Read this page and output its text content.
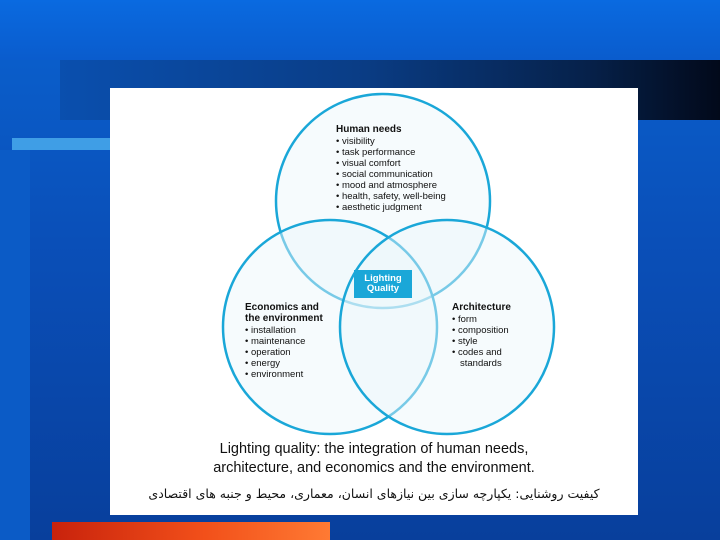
Human needs
• visibility
• task performance
• visual comfort
• social communication
• mood and atmosphere
• health, safety, well-being
• aesthetic judgment
Economics and
the environment
• installation
• maintenance
• operation
• energy
• environment
Architecture
• form
• composition
• style
• codes and
standards
Lighting
Quality
Lighting quality: the integration of human needs,
architecture, and economics and the environment.
کیفیت روشنایی: یکپارچه سازی بین نیازهای انسان، معماری، محیط و جنبه های اقتصادی
